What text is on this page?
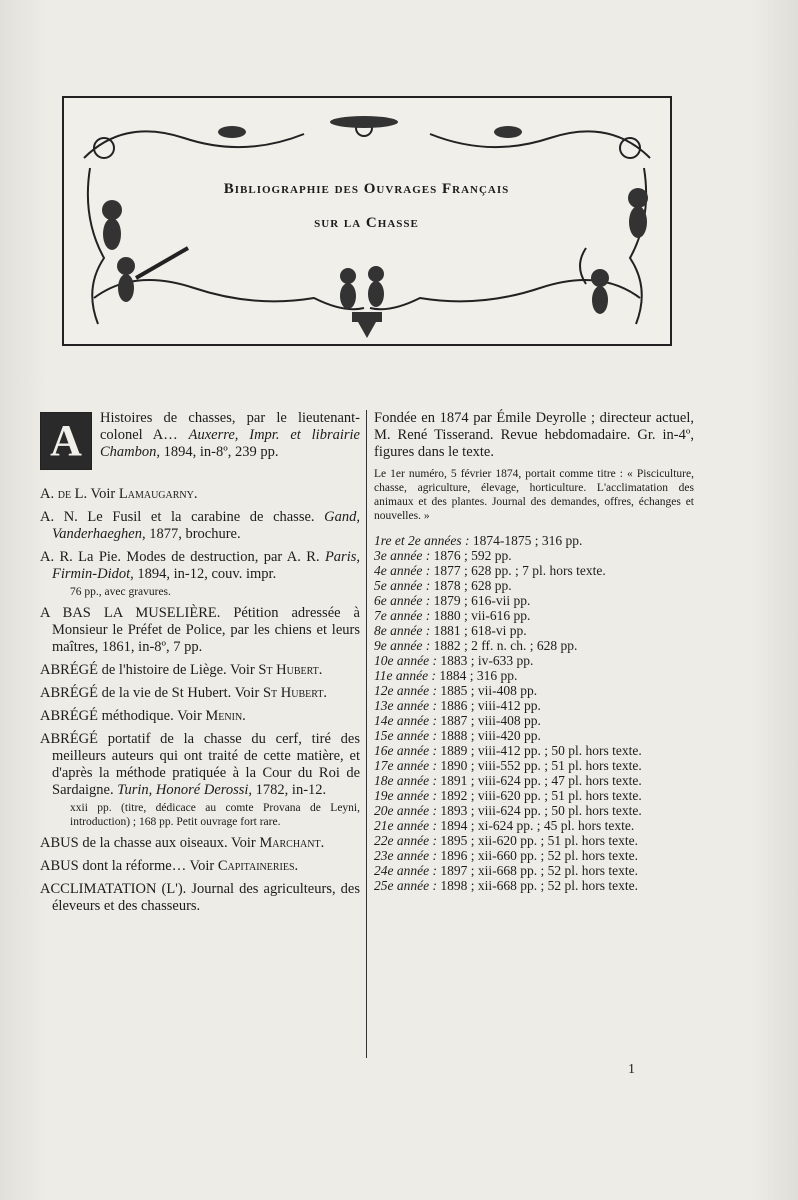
Bibliographie des Ouvrages Français
sur la Chasse
A	Histoires de chasses, par le lieutenant-colonel A… Auxerre, Impr. et librairie Chambon, 1894, in-8º, 239 pp.
A. de L. Voir Lamaugarny.
A. N. Le Fusil et la carabine de chasse. Gand, Vanderhaeghen, 1877, brochure.
A. R. La Pie. Modes de destruction, par A. R. Paris, Firmin-Didot, 1894, in-12, couv. impr.
76 pp., avec gravures.
A BAS LA MUSELIÈRE. Pétition adressée à Monsieur le Préfet de Police, par les chiens et leurs maîtres, 1861, in-8º, 7 pp.
ABRÉGÉ de l'histoire de Liège. Voir St Hubert.
ABRÉGÉ de la vie de St Hubert. Voir St Hubert.
ABRÉGÉ méthodique. Voir Menin.
ABRÉGÉ portatif de la chasse du cerf, tiré des meilleurs auteurs qui ont traité de cette matière, et d'après la méthode pratiquée à la Cour du Roi de Sardaigne. Turin, Honoré Derossi, 1782, in-12.
xxii pp. (titre, dédicace au comte Provana de Leyni, introduction) ; 168 pp. Petit ouvrage fort rare.
ABUS de la chasse aux oiseaux. Voir Marchant.
ABUS dont la réforme… Voir Capitaineries.
ACCLIMATATION (L'). Journal des agriculteurs, des éleveurs et des chasseurs.
Fondée en 1874 par Émile Deyrolle ; directeur actuel, M. René Tisserand. Revue hebdomadaire. Gr. in-4º, figures dans le texte.
Le 1er numéro, 5 février 1874, portait comme titre : « Pisciculture, chasse, agriculture, élevage, horticulture. L'acclimatation des animaux et des plantes. Journal des demandes, offres, échanges et nouvelles. »
1re et 2e années : 1874-1875 ; 316 pp.
3e année : 1876 ; 592 pp.
4e année : 1877 ; 628 pp. ; 7 pl. hors texte.
5e année : 1878 ; 628 pp.
6e année : 1879 ; 616-vii pp.
7e année : 1880 ; vii-616 pp.
8e année : 1881 ; 618-vi pp.
9e année : 1882 ; 2 ff. n. ch. ; 628 pp.
10e année : 1883 ; iv-633 pp.
11e année : 1884 ; 316 pp.
12e année : 1885 ; vii-408 pp.
13e année : 1886 ; viii-412 pp.
14e année : 1887 ; viii-408 pp.
15e année : 1888 ; viii-420 pp.
16e année : 1889 ; viii-412 pp. ; 50 pl. hors texte.
17e année : 1890 ; viii-552 pp. ; 51 pl. hors texte.
18e année : 1891 ; viii-624 pp. ; 47 pl. hors texte.
19e année : 1892 ; viii-620 pp. ; 51 pl. hors texte.
20e année : 1893 ; viii-624 pp. ; 50 pl. hors texte.
21e année : 1894 ; xi-624 pp. ; 45 pl. hors texte.
22e année : 1895 ; xii-620 pp. ; 51 pl. hors texte.
23e année : 1896 ; xii-660 pp. ; 52 pl. hors texte.
24e année : 1897 ; xii-668 pp. ; 52 pl. hors texte.
25e année : 1898 ; xii-668 pp. ; 52 pl. hors texte.
1
